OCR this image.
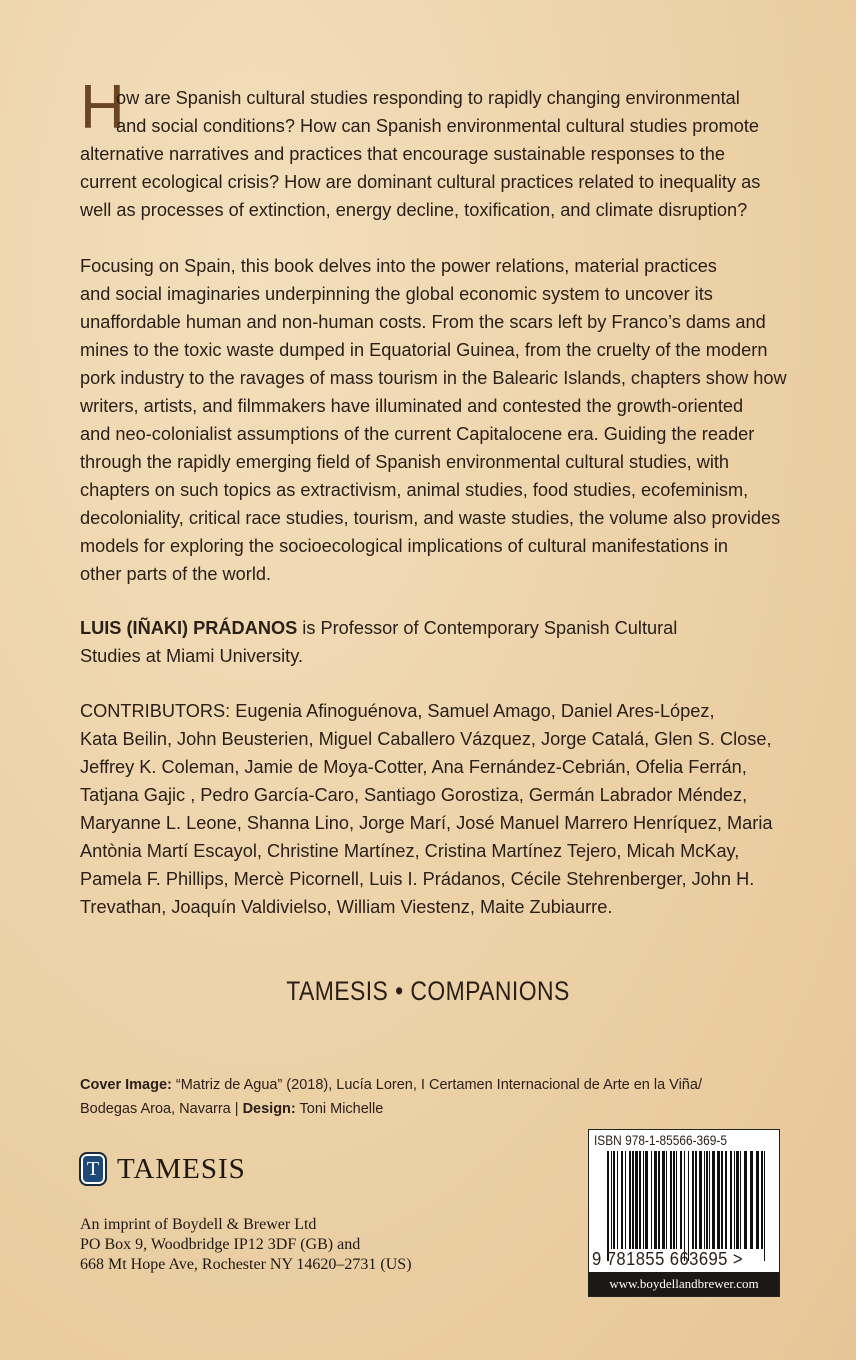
H
ow are Spanish cultural studies responding to rapidly changing environmental
and social conditions? How can Spanish environmental cultural studies promote
alternative narratives and practices that encourage sustainable responses to the
current ecological crisis? How are dominant cultural practices related to inequality as
well as processes of extinction, energy decline, toxification, and climate disruption?
Focusing on Spain, this book delves into the power relations, material practices
and social imaginaries underpinning the global economic system to uncover its
unaffordable human and non-human costs. From the scars left by Franco’s dams and
mines to the toxic waste dumped in Equatorial Guinea, from the cruelty of the modern
pork industry to the ravages of mass tourism in the Balearic Islands, chapters show how
writers, artists, and filmmakers have illuminated and contested the growth-oriented
and neo-colonialist assumptions of the current Capitalocene era. Guiding the reader
through the rapidly emerging field of Spanish environmental cultural studies, with
chapters on such topics as extractivism, animal studies, food studies, ecofeminism,
decoloniality, critical race studies, tourism, and waste studies, the volume also provides
models for exploring the socioecological implications of cultural manifestations in
other parts of the world.
LUIS (IÑAKI) PRÁDANOS is Professor of Contemporary Spanish Cultural
Studies at Miami University.
CONTRIBUTORS: Eugenia Afinoguénova, Samuel Amago, Daniel Ares-López,
Kata Beilin, John Beusterien, Miguel Caballero Vázquez, Jorge Catalá, Glen S. Close,
Jeffrey K. Coleman, Jamie de Moya-Cotter, Ana Fernández-Cebrián, Ofelia Ferrán,
Tatjana Gajic , Pedro García-Caro, Santiago Gorostiza, Germán Labrador Méndez,
Maryanne L. Leone, Shanna Lino, Jorge Marí, José Manuel Marrero Henríquez, Maria
Antònia Martí Escayol, Christine Martínez, Cristina Martínez Tejero, Micah McKay,
Pamela F. Phillips, Mercè Picornell, Luis I. Prádanos, Cécile Stehrenberger, John H.
Trevathan, Joaquín Valdivielso, William Viestenz, Maite Zubiaurre.
TAMESIS • COMPANIONS
Cover Image: “Matriz de Agua” (2018), Lucía Loren, I Certamen Internacional de Arte en la Viña/
Bodegas Aroa, Navarra | Design: Toni Michelle
T TAMESIS
An imprint of Boydell & Brewer Ltd
PO Box 9, Woodbridge IP12 3DF (GB) and
668 Mt Hope Ave, Rochester NY 14620–2731 (US)
ISBN 978-1-85566-369-5
9 781855 663695 >
www.boydellandbrewer.com
